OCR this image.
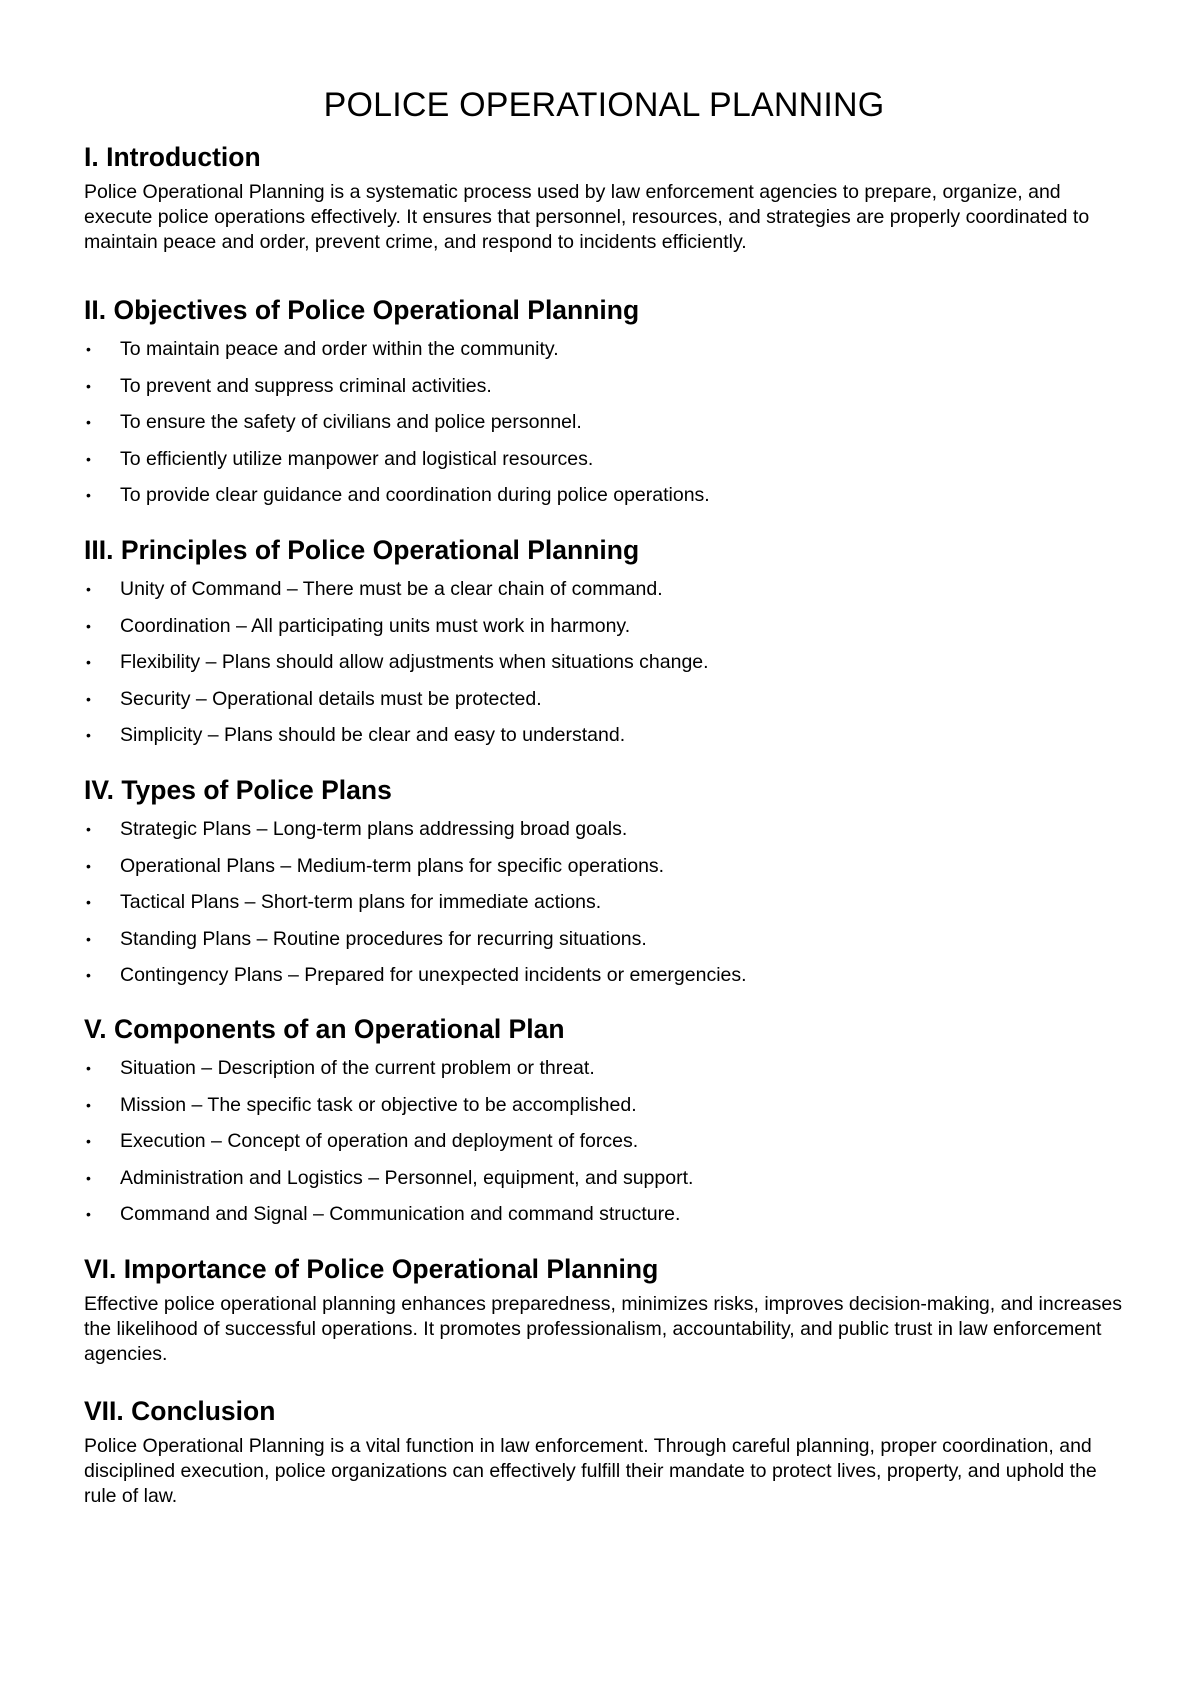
POLICE OPERATIONAL PLANNING
I. Introduction

Police Operational Planning is a systematic process used by law enforcement agencies to prepare, organize, and execute police operations effectively. It ensures that personnel, resources, and strategies are properly coordinated to maintain peace and order, prevent crime, and respond to incidents efficiently.

II. Objectives of Police Operational Planning
• To maintain peace and order within the community.
• To prevent and suppress criminal activities.
• To ensure the safety of civilians and police personnel.
• To efficiently utilize manpower and logistical resources.
• To provide clear guidance and coordination during police operations.
III. Principles of Police Operational Planning
• Unity of Command – There must be a clear chain of command.
• Coordination – All participating units must work in harmony.
• Flexibility – Plans should allow adjustments when situations change.
• Security – Operational details must be protected.
• Simplicity – Plans should be clear and easy to understand.
IV. Types of Police Plans
• Strategic Plans – Long-term plans addressing broad goals.
• Operational Plans – Medium-term plans for specific operations.
• Tactical Plans – Short-term plans for immediate actions.
• Standing Plans – Routine procedures for recurring situations.
• Contingency Plans – Prepared for unexpected incidents or emergencies.
V. Components of an Operational Plan
• Situation – Description of the current problem or threat.
• Mission – The specific task or objective to be accomplished.
• Execution – Concept of operation and deployment of forces.
• Administration and Logistics – Personnel, equipment, and support.
• Command and Signal – Communication and command structure.
VI. Importance of Police Operational Planning

Effective police operational planning enhances preparedness, minimizes risks, improves decision-making, and increases the likelihood of successful operations. It promotes professionalism, accountability, and public trust in law enforcement agencies.

VII. Conclusion

Police Operational Planning is a vital function in law enforcement. Through careful planning, proper coordination, and disciplined execution, police organizations can effectively fulfill their mandate to protect lives, property, and uphold the rule of law.
